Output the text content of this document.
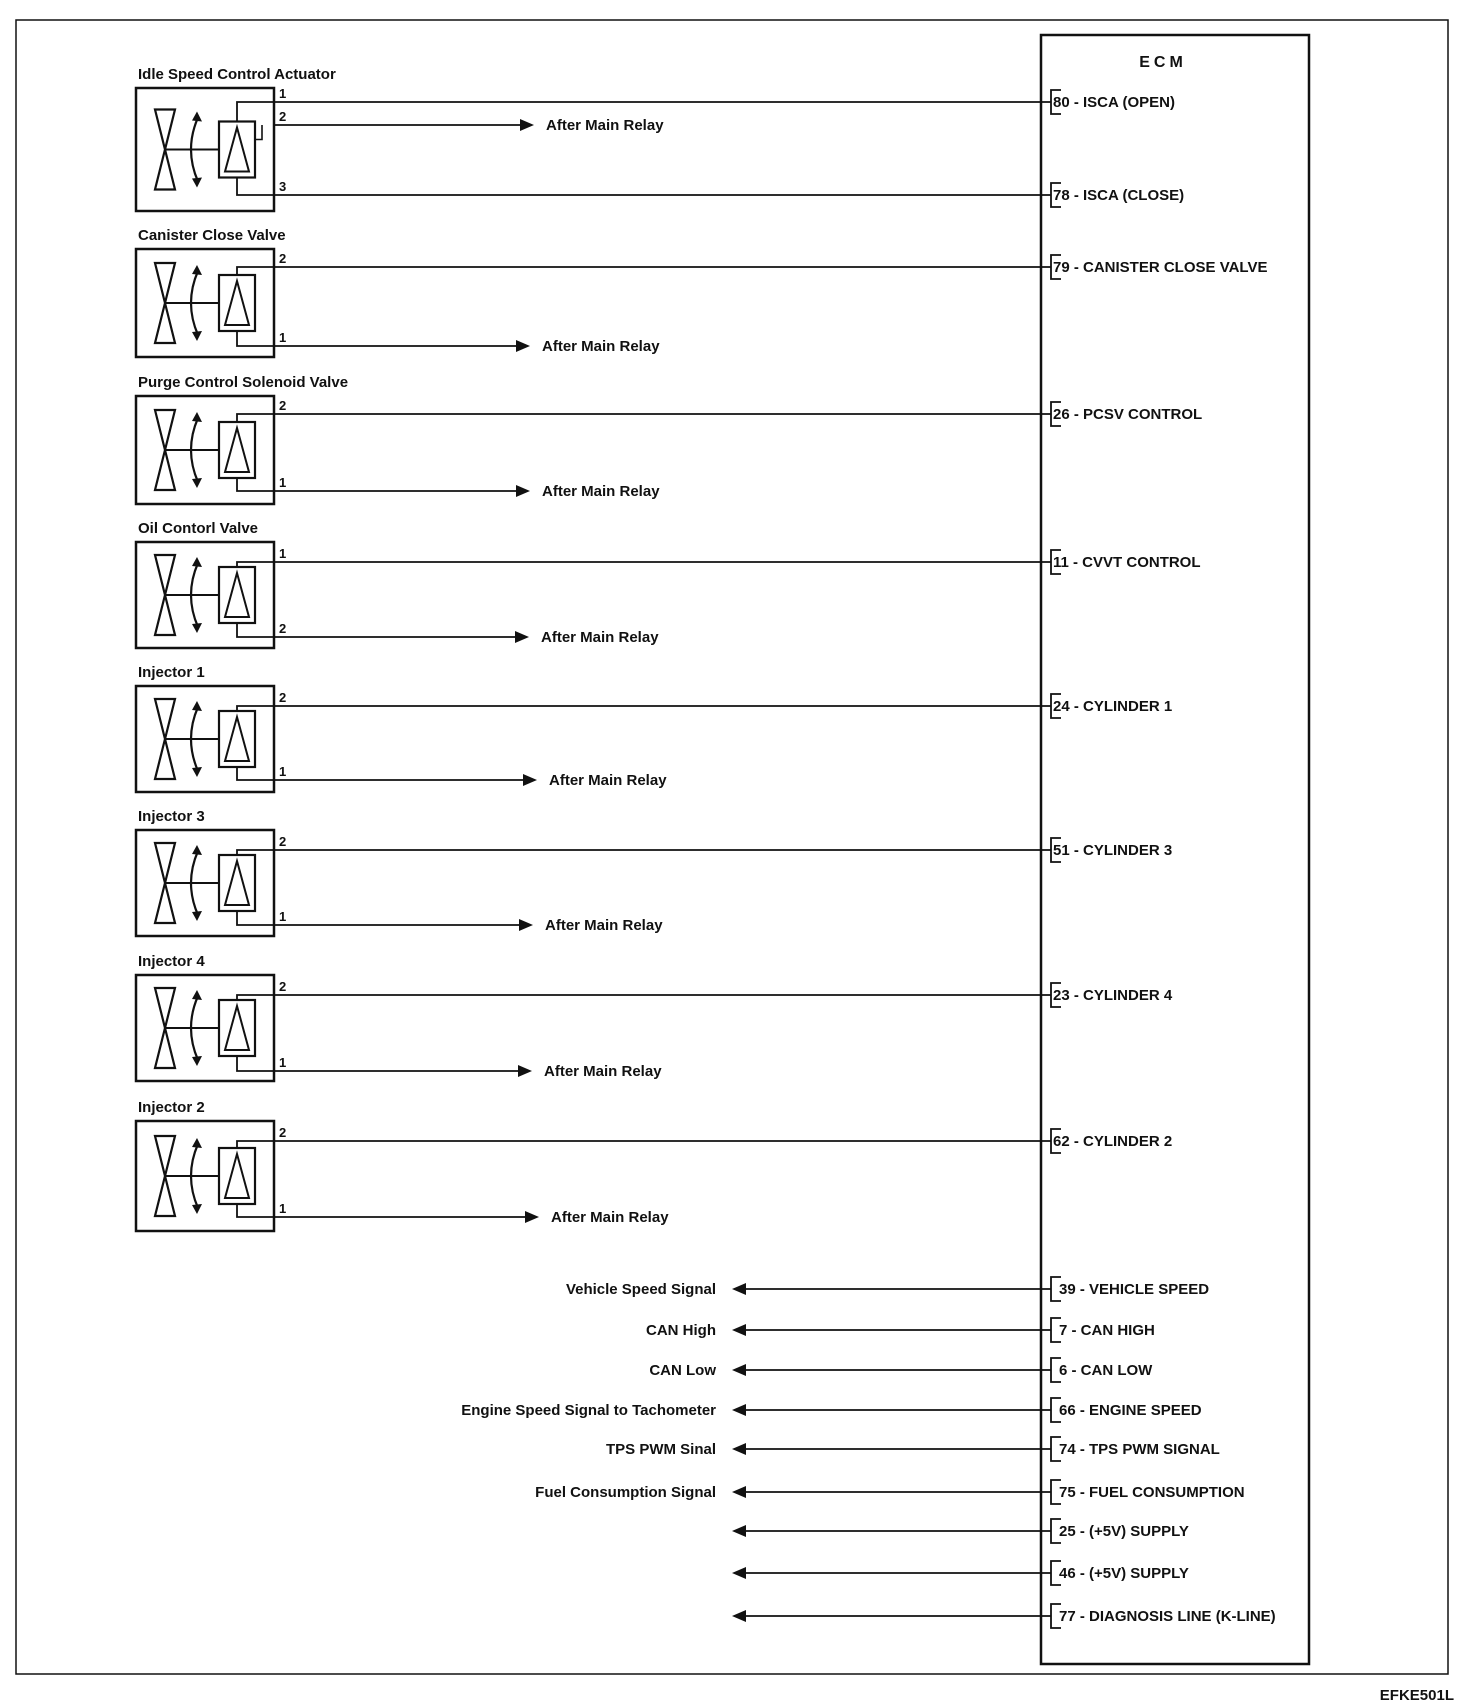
ECM
Idle Speed Control Actuator
1
80 - ISCA (OPEN)
2
After Main Relay
3
78 - ISCA (CLOSE)
Canister Close Valve
2
79 - CANISTER CLOSE VALVE
1
After Main Relay
Purge Control Solenoid Valve
2
26 - PCSV CONTROL
1
After Main Relay
Oil Contorl Valve
1
11 - CVVT CONTROL
2
After Main Relay
Injector 1
2
24 - CYLINDER 1
1
After Main Relay
Injector 3
2
51 - CYLINDER 3
1
After Main Relay
Injector 4
2
23 - CYLINDER 4
1
After Main Relay
Injector 2
2
62 - CYLINDER 2
1
After Main Relay
39 - VEHICLE SPEED
Vehicle Speed Signal
7 - CAN HIGH
CAN High
6 - CAN LOW
CAN Low
66 - ENGINE SPEED
Engine Speed Signal to Tachometer
74 - TPS PWM SIGNAL
TPS PWM Sinal
75 - FUEL CONSUMPTION
Fuel Consumption Signal
25 - (+5V) SUPPLY
46 - (+5V) SUPPLY
77 - DIAGNOSIS LINE (K-LINE)
EFKE501L
